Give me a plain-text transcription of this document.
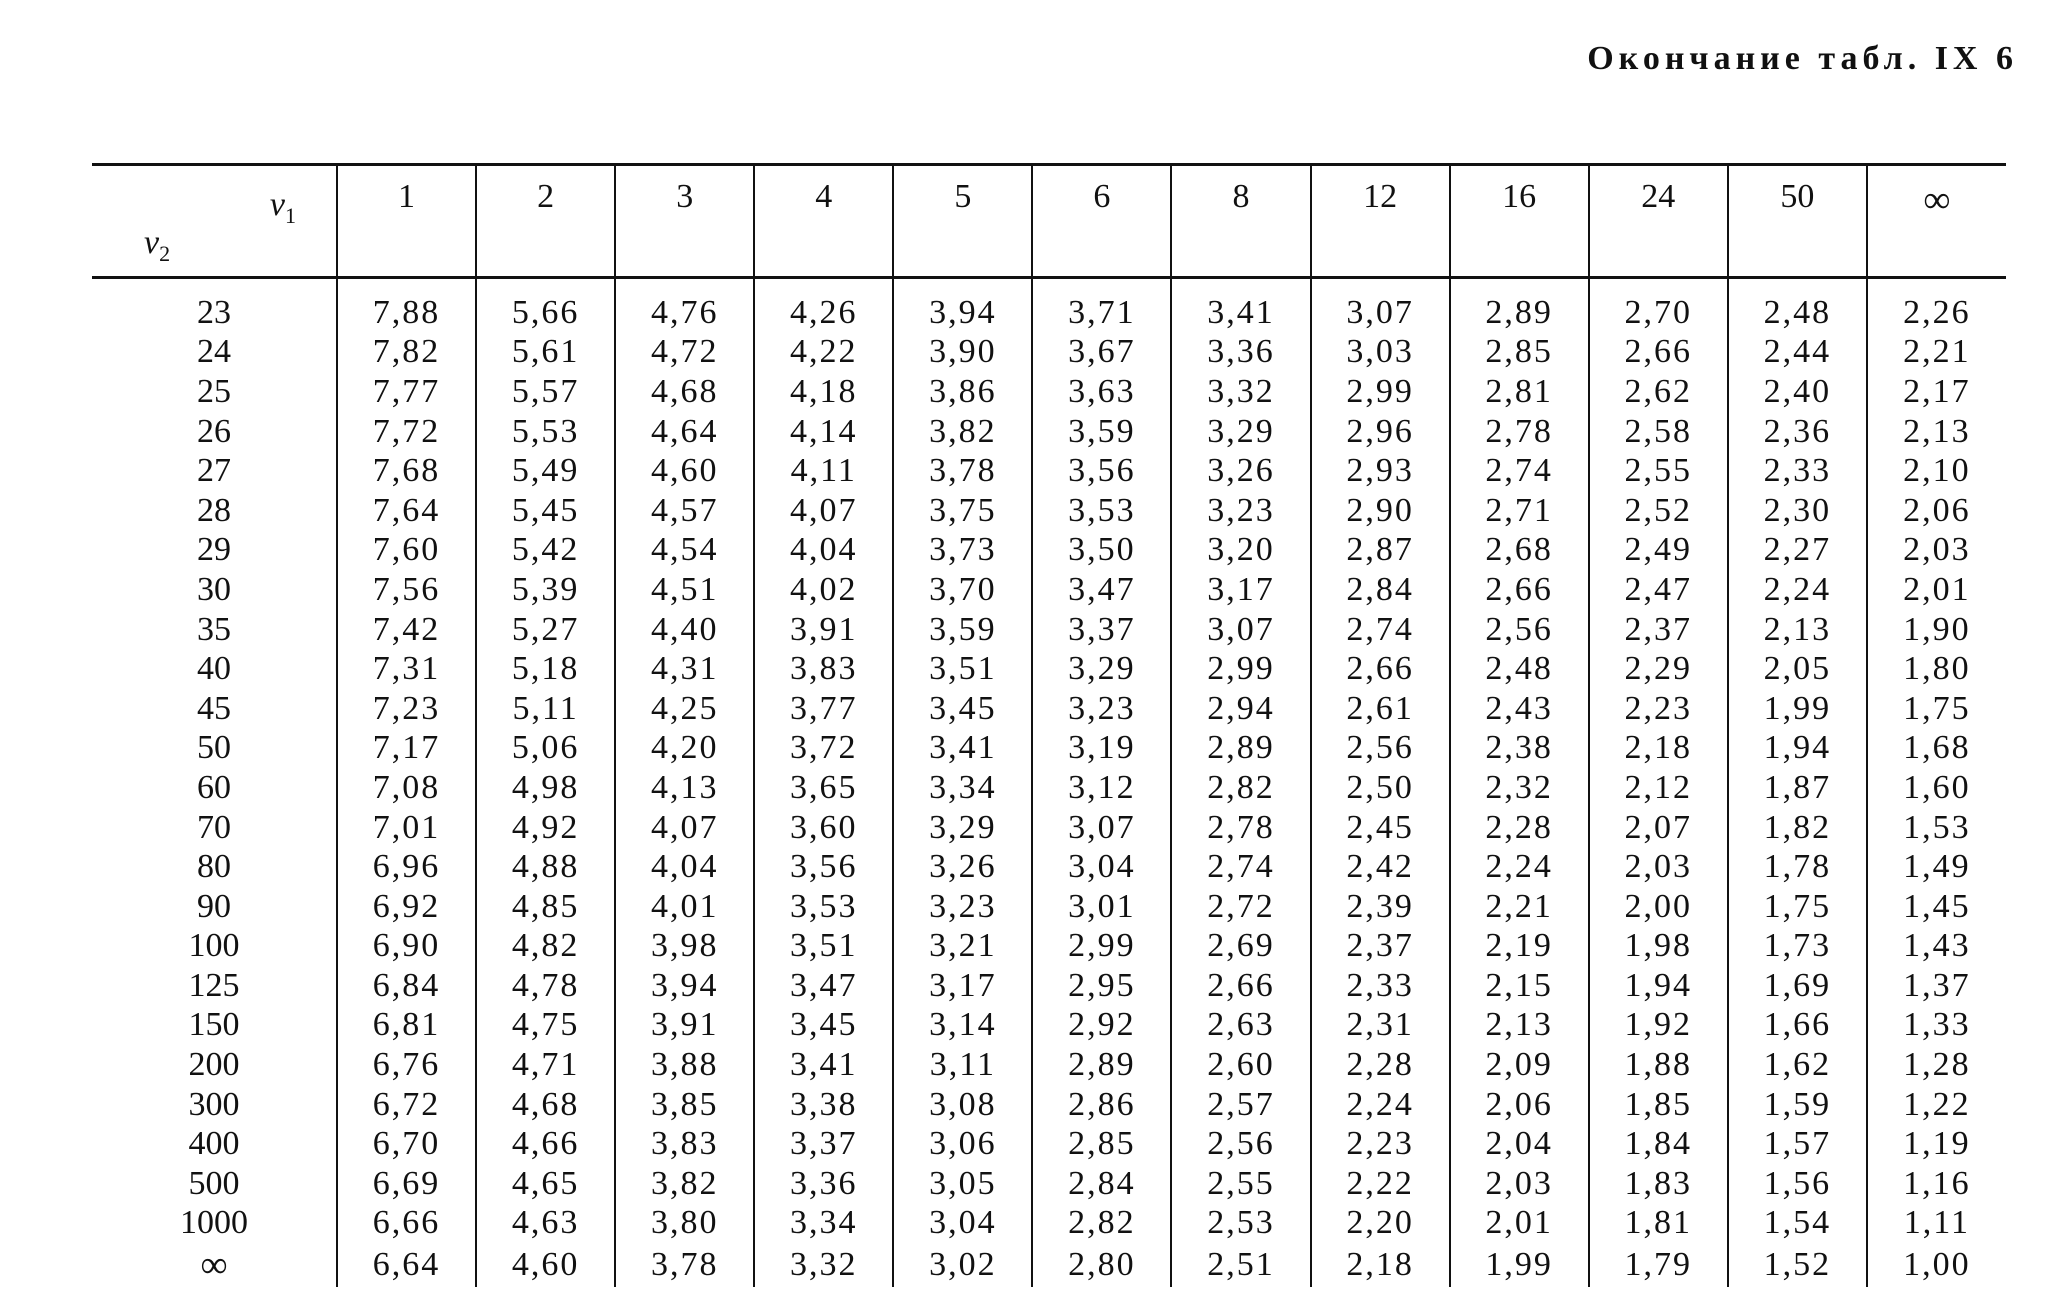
Окончание табл. IX 6
$\nu_1$
$\nu_2$	1	2	3	4	5	6	8	12	16	24	50	∞
23	7,88	5,66	4,76	4,26	3,94	3,71	3,41	3,07	2,89	2,70	2,48	2,26
24	7,82	5,61	4,72	4,22	3,90	3,67	3,36	3,03	2,85	2,66	2,44	2,21
25	7,77	5,57	4,68	4,18	3,86	3,63	3,32	2,99	2,81	2,62	2,40	2,17
26	7,72	5,53	4,64	4,14	3,82	3,59	3,29	2,96	2,78	2,58	2,36	2,13
27	7,68	5,49	4,60	4,11	3,78	3,56	3,26	2,93	2,74	2,55	2,33	2,10
28	7,64	5,45	4,57	4,07	3,75	3,53	3,23	2,90	2,71	2,52	2,30	2,06
29	7,60	5,42	4,54	4,04	3,73	3,50	3,20	2,87	2,68	2,49	2,27	2,03
30	7,56	5,39	4,51	4,02	3,70	3,47	3,17	2,84	2,66	2,47	2,24	2,01
35	7,42	5,27	4,40	3,91	3,59	3,37	3,07	2,74	2,56	2,37	2,13	1,90
40	7,31	5,18	4,31	3,83	3,51	3,29	2,99	2,66	2,48	2,29	2,05	1,80
45	7,23	5,11	4,25	3,77	3,45	3,23	2,94	2,61	2,43	2,23	1,99	1,75
50	7,17	5,06	4,20	3,72	3,41	3,19	2,89	2,56	2,38	2,18	1,94	1,68
60	7,08	4,98	4,13	3,65	3,34	3,12	2,82	2,50	2,32	2,12	1,87	1,60
70	7,01	4,92	4,07	3,60	3,29	3,07	2,78	2,45	2,28	2,07	1,82	1,53
80	6,96	4,88	4,04	3,56	3,26	3,04	2,74	2,42	2,24	2,03	1,78	1,49
90	6,92	4,85	4,01	3,53	3,23	3,01	2,72	2,39	2,21	2,00	1,75	1,45
100	6,90	4,82	3,98	3,51	3,21	2,99	2,69	2,37	2,19	1,98	1,73	1,43
125	6,84	4,78	3,94	3,47	3,17	2,95	2,66	2,33	2,15	1,94	1,69	1,37
150	6,81	4,75	3,91	3,45	3,14	2,92	2,63	2,31	2,13	1,92	1,66	1,33
200	6,76	4,71	3,88	3,41	3,11	2,89	2,60	2,28	2,09	1,88	1,62	1,28
300	6,72	4,68	3,85	3,38	3,08	2,86	2,57	2,24	2,06	1,85	1,59	1,22
400	6,70	4,66	3,83	3,37	3,06	2,85	2,56	2,23	2,04	1,84	1,57	1,19
500	6,69	4,65	3,82	3,36	3,05	2,84	2,55	2,22	2,03	1,83	1,56	1,16
1000	6,66	4,63	3,80	3,34	3,04	2,82	2,53	2,20	2,01	1,81	1,54	1,11
∞	6,64	4,60	3,78	3,32	3,02	2,80	2,51	2,18	1,99	1,79	1,52	1,00
